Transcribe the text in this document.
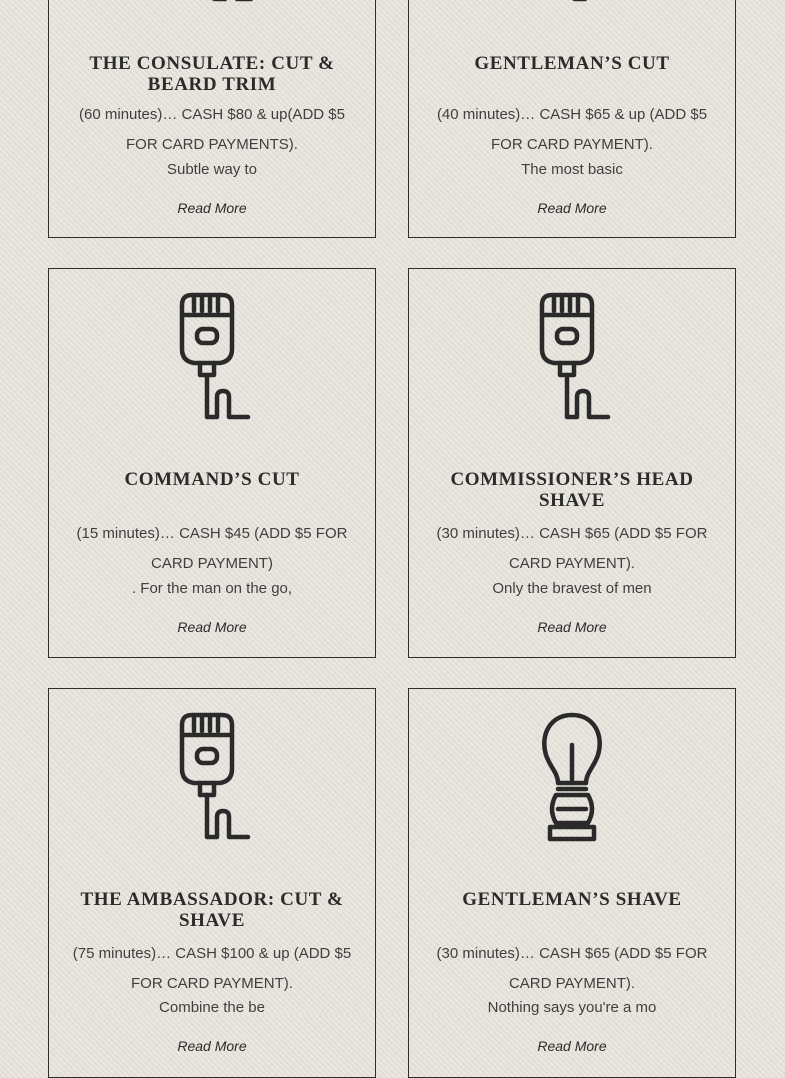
THE CONSULATE: CUT &
BEARD TRIM
(60 minutes)… CASH $80 & up(ADD $5
FOR CARD PAYMENTS).
Subtle way to
Read More
GENTLEMAN’S CUT
(40 minutes)… CASH $65 & up (ADD $5
FOR CARD PAYMENT).
The most basic
Read More
COMMAND’S CUT
(15 minutes)… CASH $45 (ADD $5 FOR
CARD PAYMENT)
. For the man on the go,
Read More
COMMISSIONER’S HEAD
SHAVE
(30 minutes)… CASH $65 (ADD $5 FOR
CARD PAYMENT).
Only the bravest of men
Read More
THE AMBASSADOR: CUT &
SHAVE
(75 minutes)… CASH $100 & up (ADD $5
FOR CARD PAYMENT).
Combine the be
Read More
GENTLEMAN’S SHAVE
(30 minutes)… CASH $65 (ADD $5 FOR
CARD PAYMENT).
Nothing says you're a mo
Read More
